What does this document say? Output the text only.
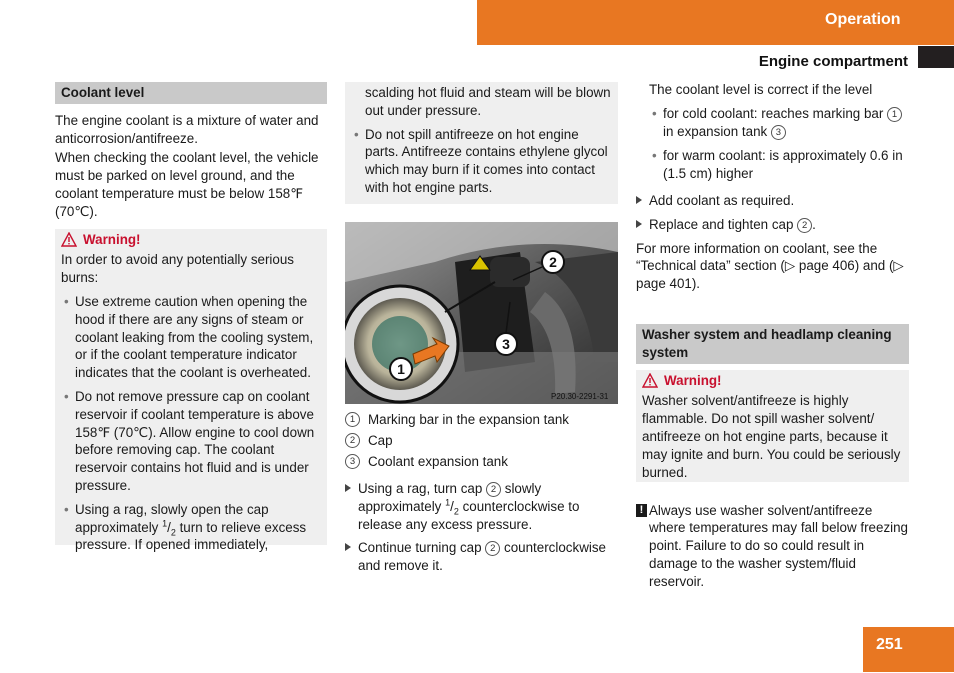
Operation
Engine compartment
Coolant level

The engine coolant is a mixture of water and anticorrosion/antifreeze.

When checking the coolant level, the vehicle must be parked on level ground, and the coolant temperature must be below 158℉ (70℃).

Warning!

In order to avoid any potentially serious burns:

• Use extreme caution when opening the hood if there are any signs of steam or coolant leaking from the cooling system, or if the coolant temperature indicator indicates that the coolant is overheated.
• Do not remove pressure cap on coolant reservoir if coolant temperature is above 158℉ (70℃). Allow engine to cool down before removing cap. The coolant reservoir contains hot fluid and is under pressure.
• Using a rag, slowly open the cap approximately $^1/_2$ turn to relieve excess pressure. If opened immediately,

scalding hot fluid and steam will be blown out under pressure.

• Do not spill antifreeze on hot engine parts. Antifreeze contains ethylene glycol which may burn if it comes into contact with hot engine parts.
2
3
1
P20.30-2291-31
1 Marking bar in the expansion tank
2 Cap
3 Coolant expansion tank
Using a rag, turn cap 2 slowly approximately $^1/_2$ counterclockwise to release any excess pressure.
Continue turning cap 2 counterclockwise and remove it.

The coolant level is correct if the level

• for cold coolant: reaches marking bar 1 in expansion tank 3
• for warm coolant: is approximately 0.6 in (1.5 cm) higher
Add coolant as required.
Replace and tighten cap 2 .

For more information on coolant, see the “Technical data” section (▷ page 406) and (▷ page 401).

Washer system and headlamp cleaning system
Warning!

Washer solvent/antifreeze is highly flammable. Do not spill washer solvent/ antifreeze on hot engine parts, because it may ignite and burn. You could be seriously burned.

! Always use washer solvent/antifreeze where temperatures may fall below freezing point. Failure to do so could result in damage to the washer system/fluid reservoir.
251
